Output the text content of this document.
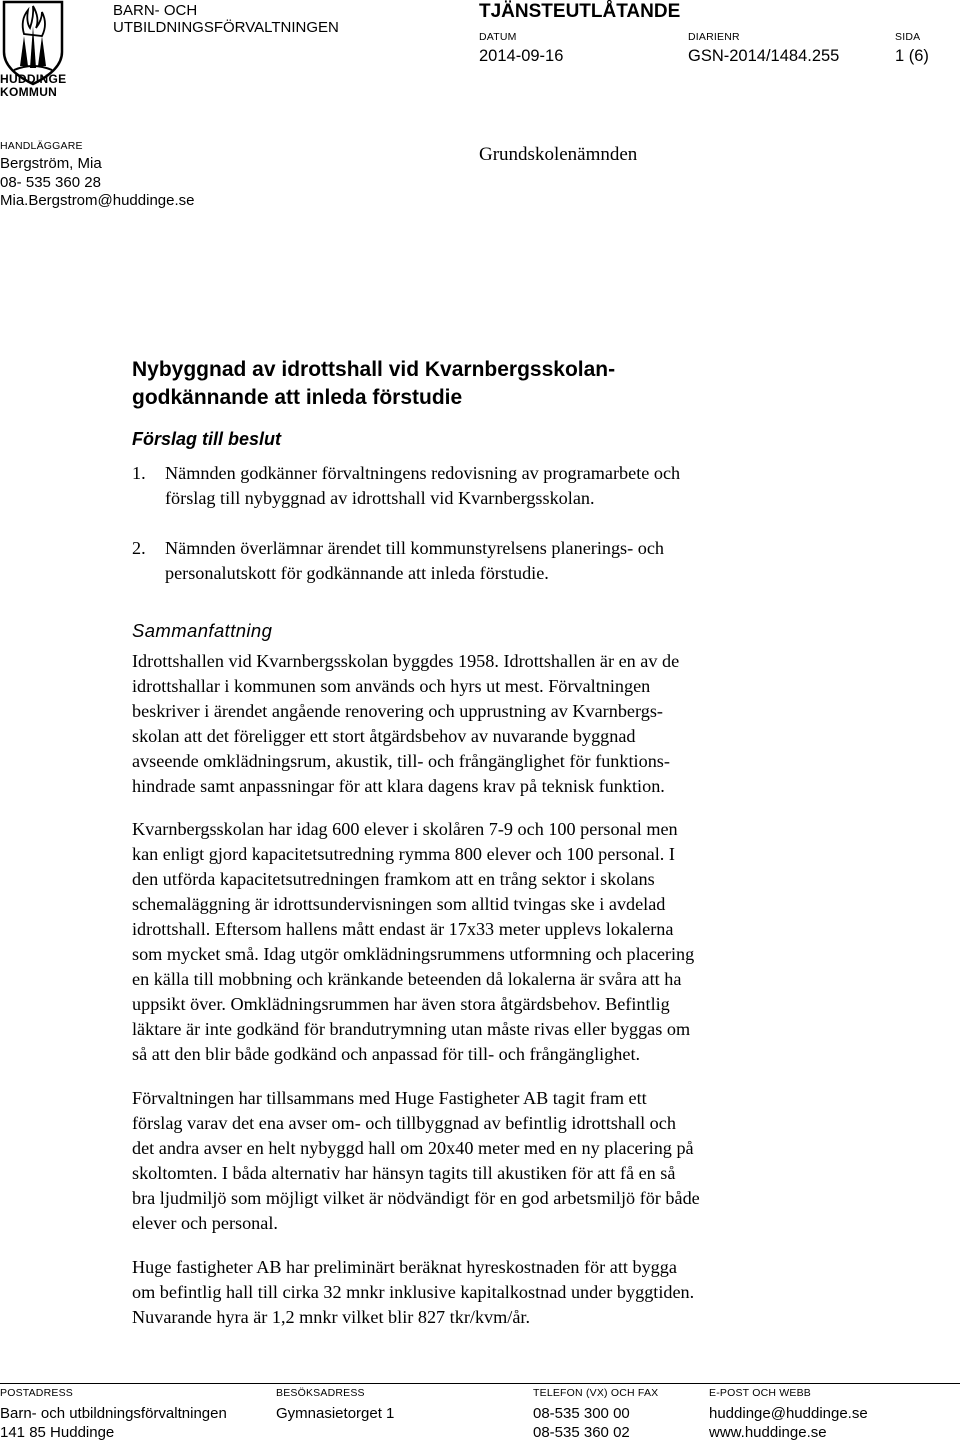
HUDDINGE KOMMUN
BARN- OCH
UTBILDNINGSFÖRVALTNINGEN
TJÄNSTEUTLÅTANDE
DATUM
2014-09-16
DIARIENR
GSN-2014/1484.255
SIDA
1 (6)
HANDLÄGGARE
Bergström, Mia
08- 535 360 28
Mia.Bergstrom@huddinge.se
Grundskolenämnden
Nybyggnad av idrottshall vid Kvarnbergsskolan-
godkännande att inleda förstudie
Förslag till beslut
1. Nämnden godkänner förvaltningens redovisning av programarbete och
förslag till nybyggnad av idrottshall vid Kvarnbergsskolan.
2. Nämnden överlämnar ärendet till kommunstyrelsens planerings- och
personalutskott för godkännande att inleda förstudie.
Sammanfattning
Idrottshallen vid Kvarnbergsskolan byggdes 1958. Idrottshallen är en av de
idrottshallar i kommunen som används och hyrs ut mest. Förvaltningen
beskriver i ärendet angående renovering och upprustning av Kvarnbergs-
skolan att det föreligger ett stort åtgärdsbehov av nuvarande byggnad
avseende omklädningsrum, akustik, till- och frångänglighet för funktions-
hindrade samt anpassningar för att klara dagens krav på teknisk funktion.
Kvarnbergsskolan har idag 600 elever i skolåren 7-9 och 100 personal men
kan enligt gjord kapacitetsutredning rymma 800 elever och 100 personal. I
den utförda kapacitetsutredningen framkom att en trång sektor i skolans
schemaläggning är idrottsundervisningen som alltid tvingas ske i avdelad
idrottshall. Eftersom hallens mått endast är 17x33 meter upplevs lokalerna
som mycket små. Idag utgör omklädningsrummens utformning och placering
en källa till mobbning och kränkande beteenden då lokalerna är svåra att ha
uppsikt över. Omklädningsrummen har även stora åtgärdsbehov. Befintlig
läktare är inte godkänd för brandutrymning utan måste rivas eller byggas om
så att den blir både godkänd och anpassad för till- och frångänglighet.
Förvaltningen har tillsammans med Huge Fastigheter AB tagit fram ett
förslag varav det ena avser om- och tillbyggnad av befintlig idrottshall och
det andra avser en helt nybyggd hall om 20x40 meter med en ny placering på
skoltomten. I båda alternativ har hänsyn tagits till akustiken för att få en så
bra ljudmiljö som möjligt vilket är nödvändigt för en god arbetsmiljö för både
elever och personal.
Huge fastigheter AB har preliminärt beräknat hyreskostnaden för att bygga
om befintlig hall till cirka 32 mnkr inklusive kapitalkostnad under byggtiden.
Nuvarande hyra är 1,2 mnkr vilket blir 827 tkr/kvm/år.
POSTADRESS
Barn- och utbildningsförvaltningen
141 85 Huddinge
BESÖKSADRESS
Gymnasietorget 1
TELEFON (VX) OCH FAX
08-535 300 00
08-535 360 02
E-POST OCH WEBB
huddinge@huddinge.se
www.huddinge.se
